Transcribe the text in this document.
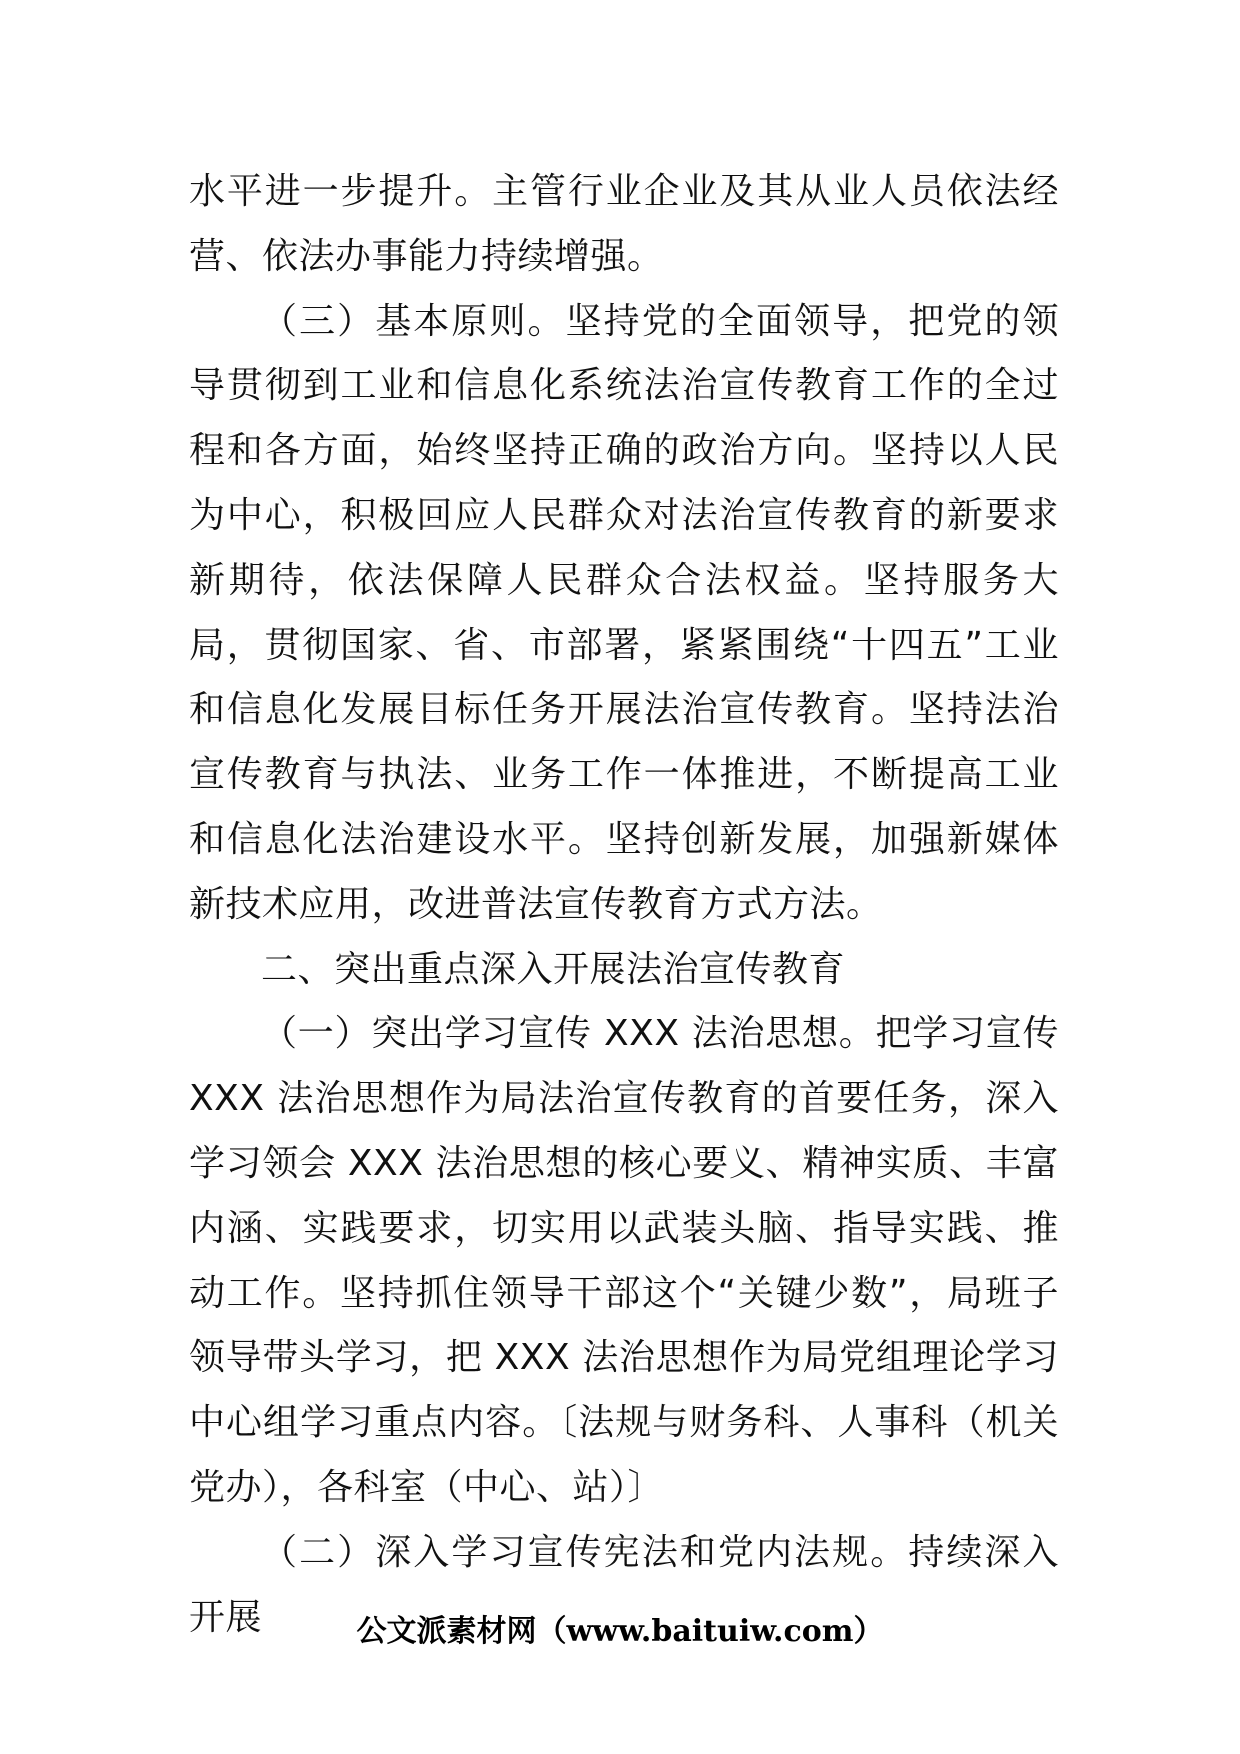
水平进一步提升。主管行业企业及其从业人员依法经营、依法办事能力持续增强。

（三）基本原则。坚持党的全面领导，把党的领导贯彻到工业和信息化系统法治宣传教育工作的全过程和各方面，始终坚持正确的政治方向。坚持以人民为中心，积极回应人民群众对法治宣传教育的新要求新期待，依法保障人民群众合法权益。坚持服务大局，贯彻国家、省、市部署，紧紧围绕“十四五”工业和信息化发展目标任务开展法治宣传教育。坚持法治宣传教育与执法、业务工作一体推进，不断提高工业和信息化法治建设水平。坚持创新发展，加强新媒体新技术应用，改进普法宣传教育方式方法。

二、突出重点深入开展法治宣传教育

（一）突出学习宣传 XXX 法治思想。把学习宣传 XXX 法治思想作为局法治宣传教育的首要任务，深入学习领会 XXX 法治思想的核心要义、精神实质、丰富内涵、实践要求，切实用以武装头脑、指导实践、推动工作。坚持抓住领导干部这个“关键少数”，局班子领导带头学习，把 XXX 法治思想作为局党组理论学习中心组学习重点内容。〔法规与财务科、人事科（机关党办），各科室（中心、站）〕

（二）深入学习宣传宪法和党内法规。持续深入开展	公文派素材网（www.baituiw.com）
